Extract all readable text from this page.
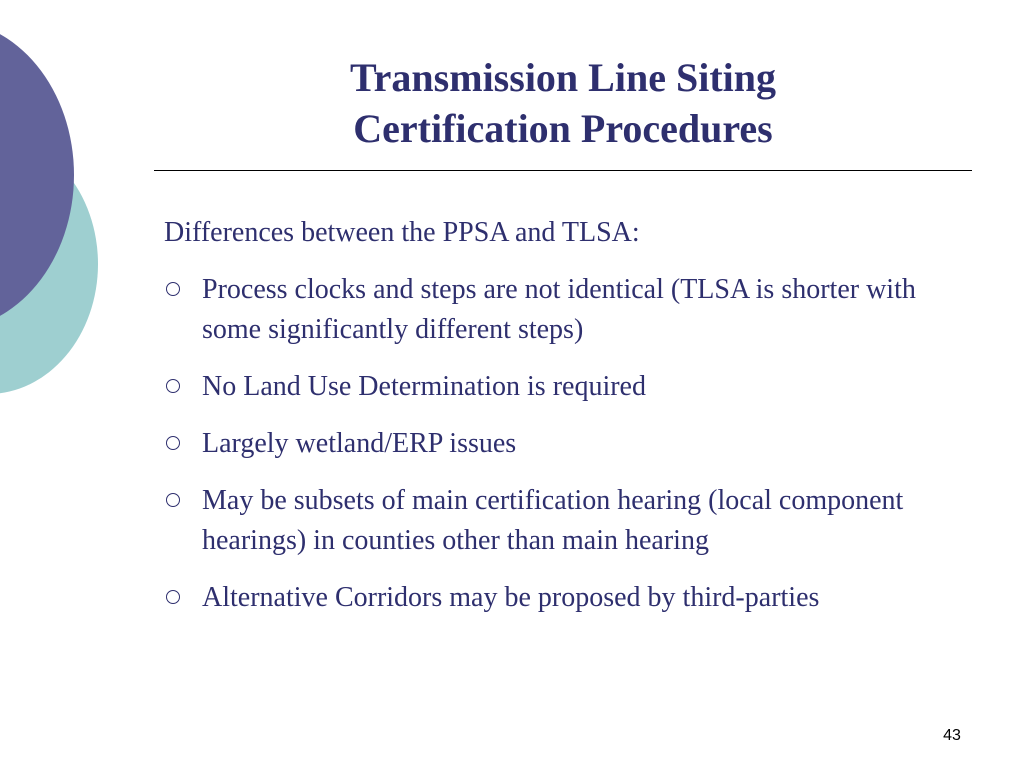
Transmission Line Siting
Certification Procedures

Differences between the PPSA and TLSA:

Process clocks and steps are not identical (TLSA is shorter with some significantly different steps)
No Land Use Determination is required
Largely wetland/ERP issues
May be subsets of main certification hearing (local component hearings) in counties other than main hearing
Alternative Corridors may be proposed by third-parties
43
